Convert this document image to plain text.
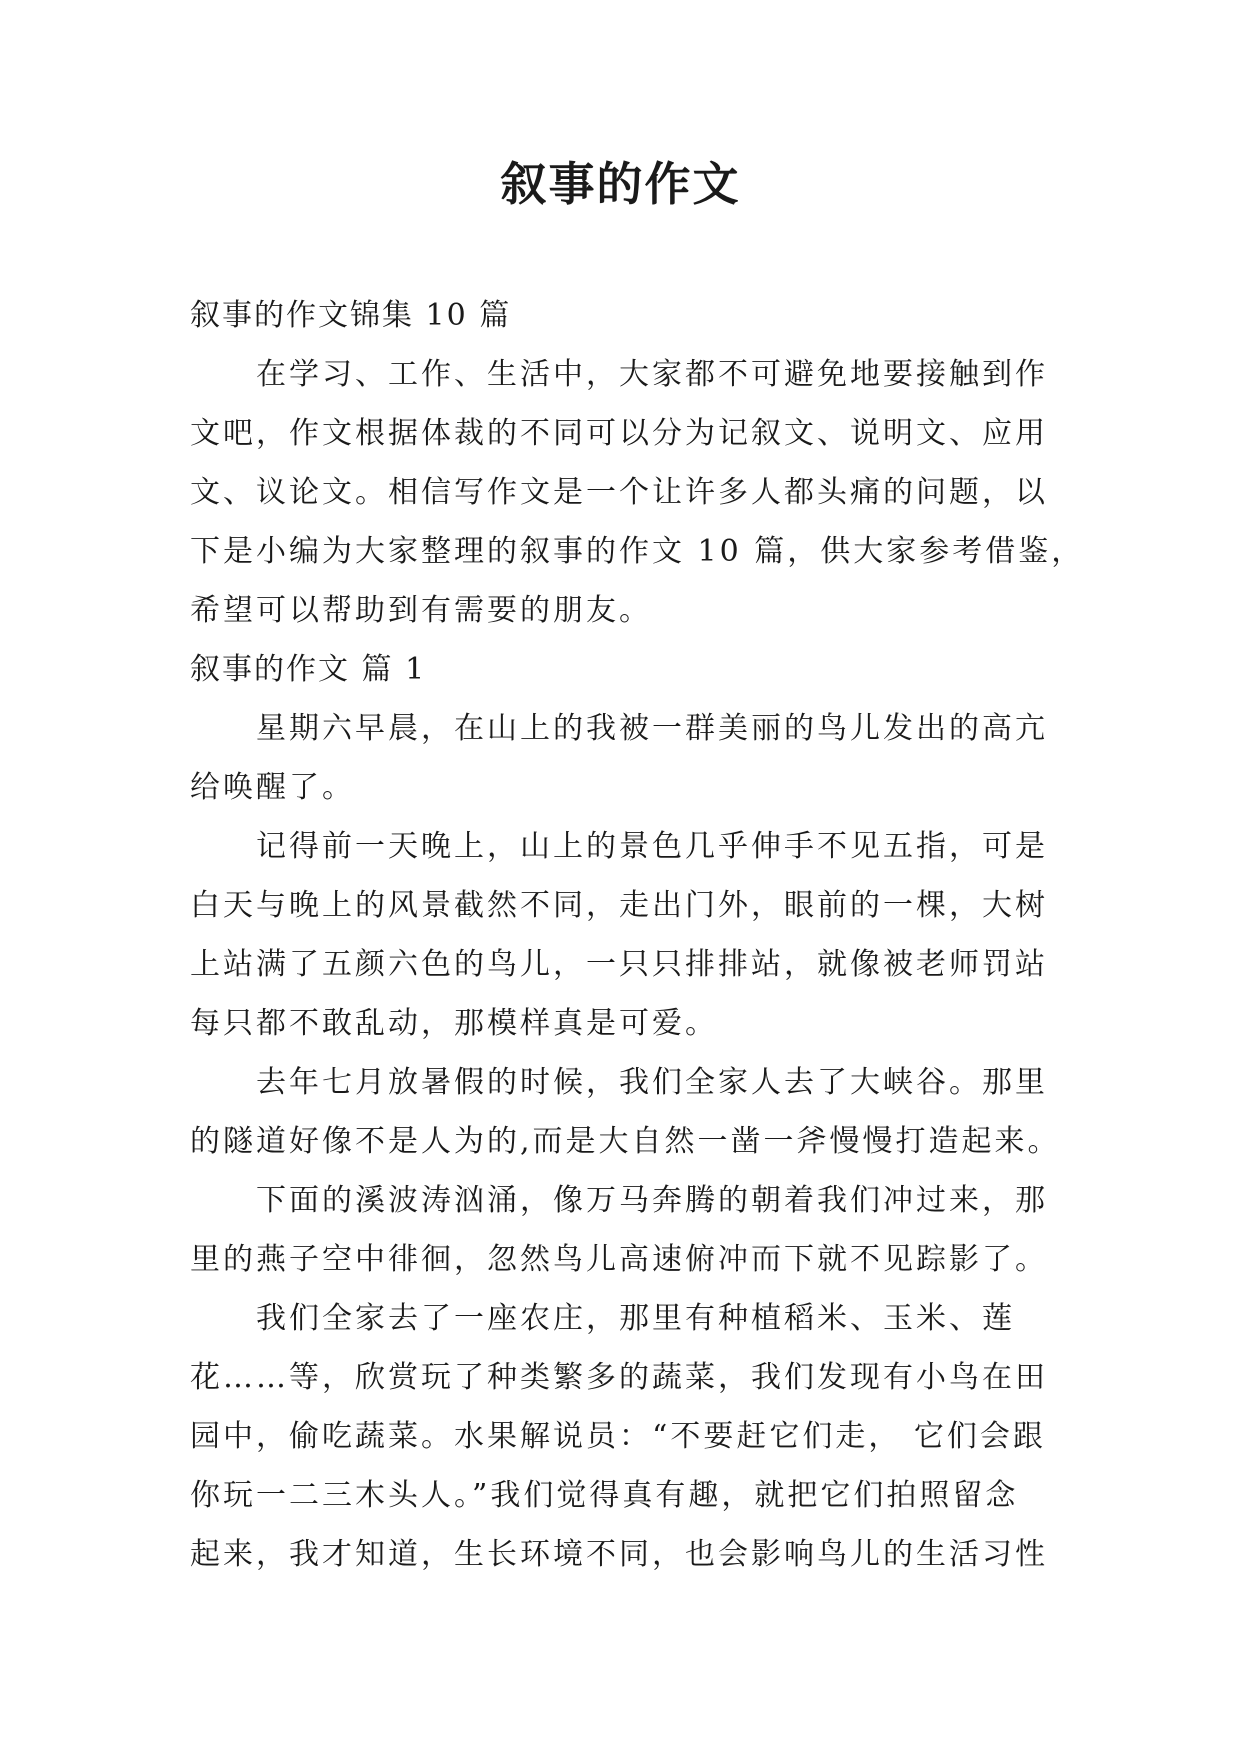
叙事的作文

叙事的作文锦集 10 篇

在学习、工作、生活中，大家都不可避免地要接触到作

文吧，作文根据体裁的不同可以分为记叙文、说明文、应用

文、议论文。相信写作文是一个让许多人都头痛的问题，以

下是小编为大家整理的叙事的作文 10 篇，供大家参考借鉴，

希望可以帮助到有需要的朋友。

叙事的作文 篇 1

星期六早晨，在山上的我被一群美丽的鸟儿发出的高亢

给唤醒了。

记得前一天晚上，山上的景色几乎伸手不见五指，可是

白天与晚上的风景截然不同，走出门外，眼前的一棵，大树

上站满了五颜六色的鸟儿，一只只排排站，就像被老师罚站

每只都不敢乱动，那模样真是可爱。

去年七月放暑假的时候，我们全家人去了大峡谷。那里

的隧道好像不是人为的,而是大自然一凿一斧慢慢打造起来。

下面的溪波涛汹涌，像万马奔腾的朝着我们冲过来，那

里的燕子空中徘徊，忽然鸟儿高速俯冲而下就不见踪影了。

我们全家去了一座农庄，那里有种植稻米、玉米、莲

花……等，欣赏玩了种类繁多的蔬菜，我们发现有小鸟在田

园中，偷吃蔬菜。水果解说员：“不要赶它们走， 它们会跟

你玩一二三木头人。”我们觉得真有趣，就把它们拍照留念

起来，我才知道，生长环境不同，也会影响鸟儿的生活习性
